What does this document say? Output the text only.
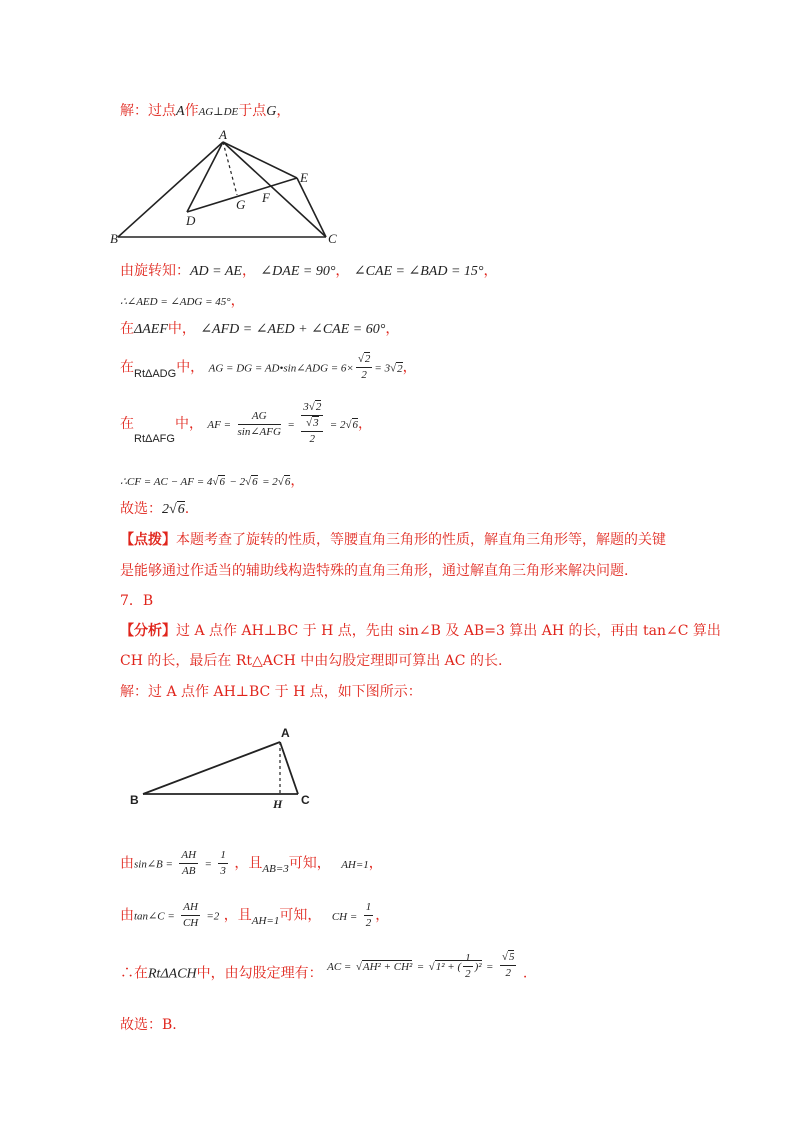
解：过点A作AG⊥DE于点G，
A
B	C
D
E
F
G
由旋转知：AD = AE， ∠DAE = 90°， ∠CAE = ∠BAD = 15°，
∴∠AED = ∠ADG = 45°，
在ΔAEF中， ∠AFD = ∠AED + ∠CAE = 60°，
在$_{Rt\Delta ADG}$中， AG = DG = AD•sin∠ADG = $6\times \frac{√2}{2} = 3√2$，
在$_{Rt\Delta AFG}$中， AF = $\frac{AG}{\text{sin∠AFG}}$ =
3√2
√3
2
= 2√6，
∴CF = AC − AF = 4√6 − 2√6 = 2√6，
故选：2√6.
【点拨】本题考查了旋转的性质，等腰直角三角形的性质，解直角三角形等，解题的关键
是能够通过作适当的辅助线构造特殊的直角三角形，通过解直角三角形来解决问题.
7．B
【分析】过 A 点作 AH⊥BC 于 H 点，先由 sin∠B 及 AB=3 算出 AH 的长，再由 tan∠C 算出
CH 的长，最后在 Rt△ACH 中由勾股定理即可算出 AC 的长.
解：过 A 点作 AH⊥BC 于 H 点，如下图所示：
A
B	C
H
由sin∠B = $\frac{AH}{AB} = \frac{1}{3}$ ，且$_{AB=3}$可知， AH=1，
由tan∠C = $\frac{AH}{CH} =2$ ，且$_{AH=1}$可知， CH = $\frac{1}{2}$ ，
∴在RtΔACH中，由勾股定理有： AC = √AH² + CH² = √1² + ( $\frac{1}{2} )^2 = \frac{√5}{2}$ .
故选：B.
